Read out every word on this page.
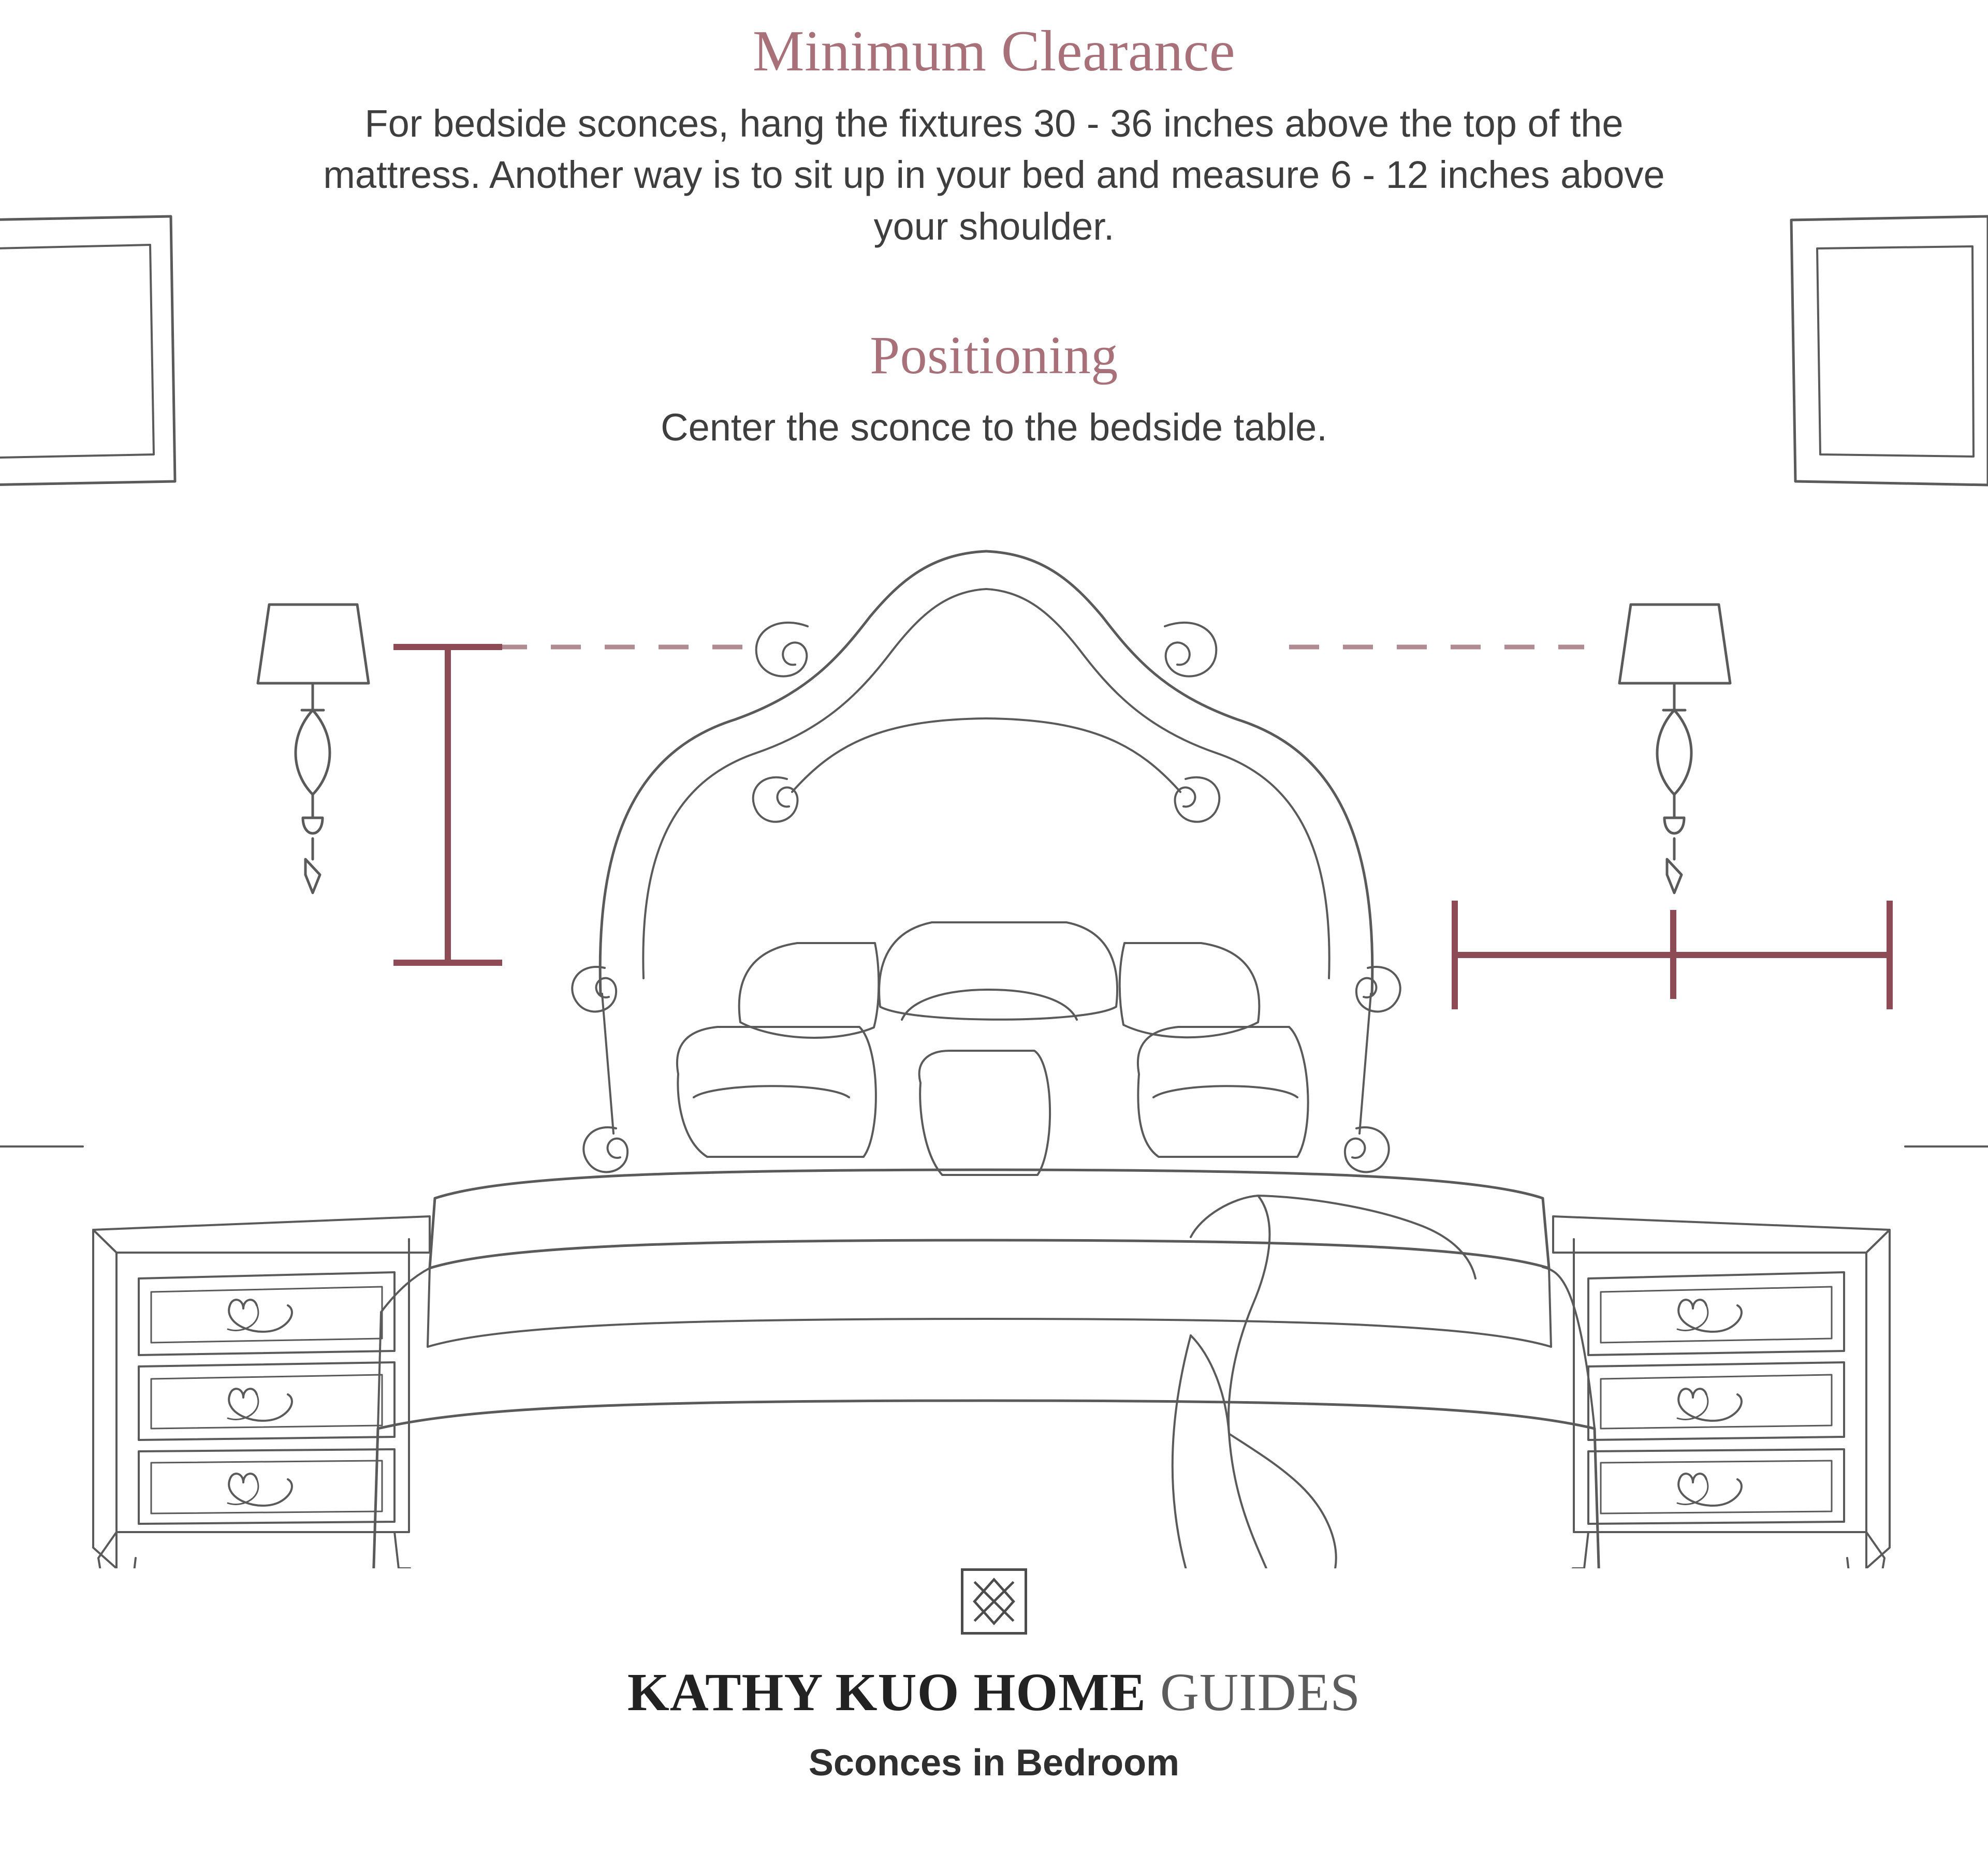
Minimum Clearance
For bedside sconces, hang the fixtures 30 - 36 inches above the top of the mattress. Another way is to sit up in your bed and measure 6 - 12 inches above your shoulder.
Positioning
Center the sconce to the bedside table.
KATHY KUO HOME GUIDES
Sconces in Bedroom
